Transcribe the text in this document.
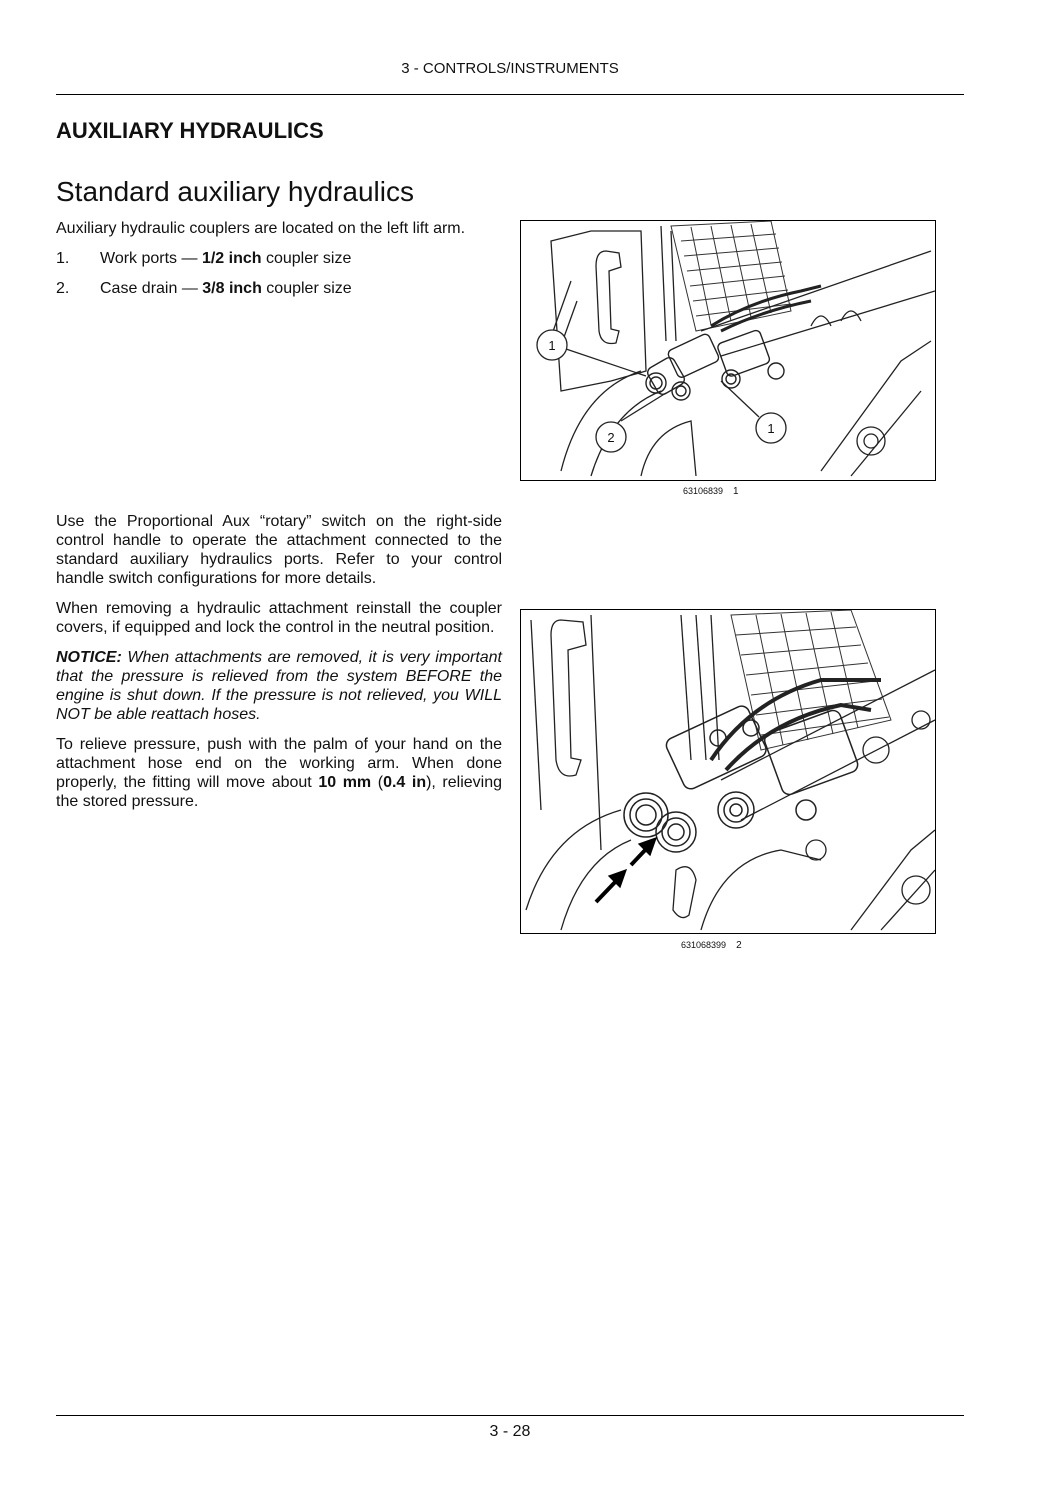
3 - CONTROLS/INSTRUMENTS
AUXILIARY HYDRAULICS
Standard auxiliary hydraulics

Auxiliary hydraulic couplers are located on the left lift arm.

1.	Work ports — 1/2 inch coupler size
2.	Case drain — 3/8 inch coupler size
1
2
1
63106839 1

Use the Proportional Aux “rotary” switch on the right-side control handle to operate the attachment connected to the standard auxiliary hydraulics ports. Refer to your control handle switch configurations for more details.

When removing a hydraulic attachment reinstall the coupler covers, if equipped and lock the control in the neutral position.

NOTICE: When attachments are removed, it is very important that the pressure is relieved from the system BEFORE the engine is shut down. If the pressure is not relieved, you WILL NOT be able reattach hoses.

To relieve pressure, push with the palm of your hand on the attachment hose end on the working arm. When done properly, the fitting will move about 10 mm (0.4 in), relieving the stored pressure.

631068399 2
3 - 28
